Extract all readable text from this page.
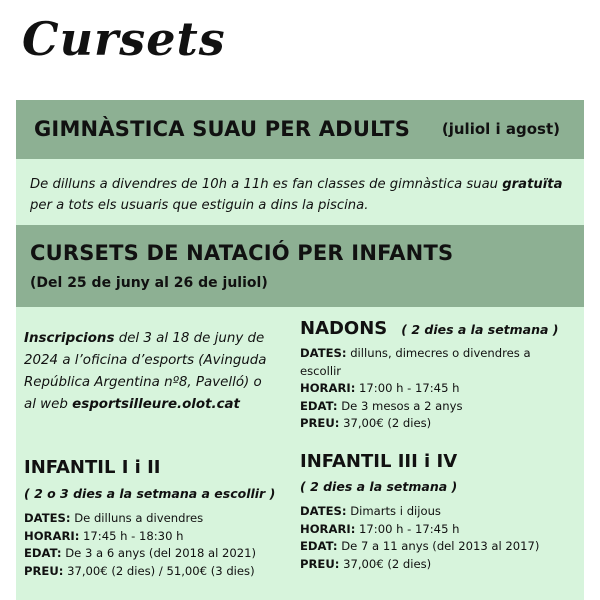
Cursets
GIMNÀSTICA SUAU PER ADULTS (juliol i agost)

De dilluns a divendres de 10h a 11h es fan classes de gimnàstica suau gratuïta per a tots els usuaris que estiguin a dins la piscina.

CURSETS DE NATACIÓ PER INFANTS
(Del 25 de juny al 26 de juliol)

Inscripcions del 3 al 18 de juny de 2024 a l’oficina d’esports (Avinguda República Argentina nº8, Pavelló) o al web esportsilleure.olot.cat

NADONS ( 2 dies a la setmana )
DATES: dilluns, dimecres o divendres a escollir
HORARI: 17:00 h - 17:45 h
EDAT: De 3 mesos a 2 anys
PREU: 37,00€ (2 dies)
INFANTIL I i II
( 2 o 3 dies a la setmana a escollir )
DATES: De dilluns a divendres
HORARI: 17:45 h - 18:30 h
EDAT: De 3 a 6 anys (del 2018 al 2021)
PREU: 37,00€ (2 dies) / 51,00€ (3 dies)
INFANTIL III i IV
( 2 dies a la setmana )
DATES: Dimarts i dijous
HORARI: 17:00 h - 17:45 h
EDAT: De 7 a 11 anys (del 2013 al 2017)
PREU: 37,00€ (2 dies)
